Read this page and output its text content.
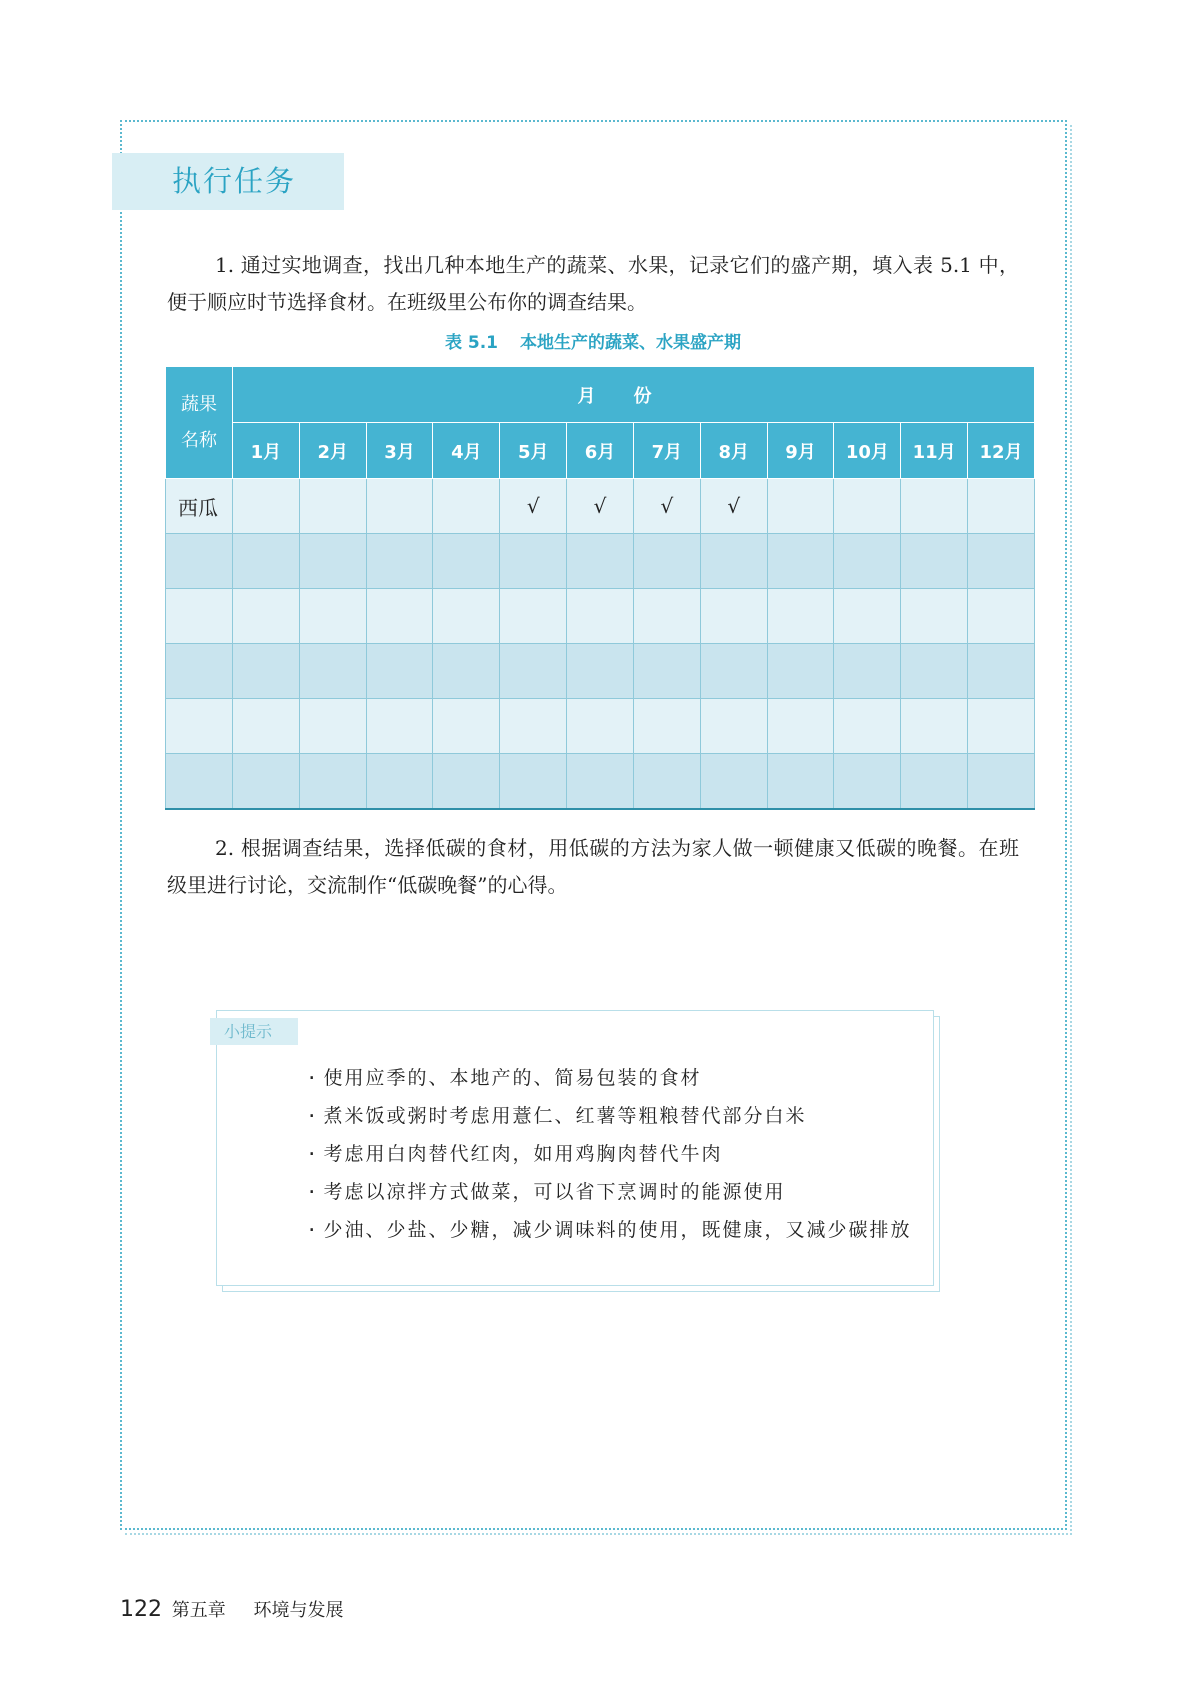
执行任务

1. 通过实地调查，找出几种本地生产的蔬菜、水果，记录它们的盛产期，填入表 5.1 中，便于顺应时节选择食材。在班级里公布你的调查结果。

表 5.1 本地生产的蔬菜、水果盛产期
蔬果
名称	月份											
	1月	2月	3月	4月	5月	6月	7月	8月	9月	10月	11月	12月
西瓜					√	√	√	√				

2. 根据调查结果，选择低碳的食材，用低碳的方法为家人做一顿健康又低碳的晚餐。在班级里进行讨论，交流制作“低碳晚餐”的心得。

小提示
· 使用应季的、本地产的、简易包装的食材
· 煮米饭或粥时考虑用薏仁、红薯等粗粮替代部分白米
· 考虑用白肉替代红肉，如用鸡胸肉替代牛肉
· 考虑以凉拌方式做菜，可以省下烹调时的能源使用
· 少油、少盐、少糖，减少调味料的使用，既健康，又减少碳排放
122 第五章 环境与发展
